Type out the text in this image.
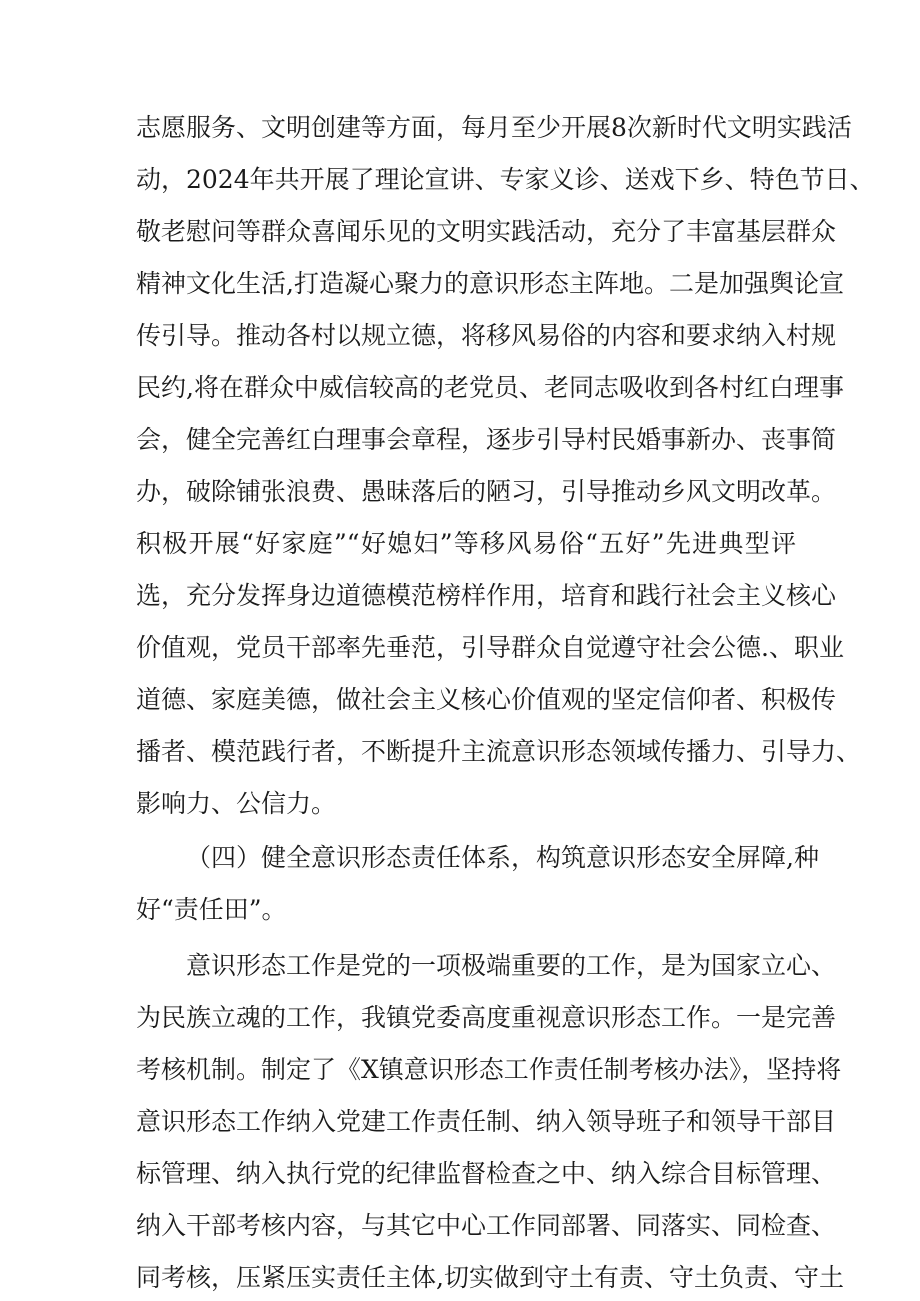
志愿服务、文明创建等方面，每月至少开展8次新时代文明实践活
动，2024年共开展了理论宣讲、专家义诊、送戏下乡、特色节日、
敬老慰问等群众喜闻乐见的文明实践活动，充分了丰富基层群众
精神文化生活,打造凝心聚力的意识形态主阵地。二是加强舆论宣
传引导。推动各村以规立德，将移风易俗的内容和要求纳入村规
民约,将在群众中威信较高的老党员、老同志吸收到各村红白理事
会，健全完善红白理事会章程，逐步引导村民婚事新办、丧事简
办，破除铺张浪费、愚昧落后的陋习，引导推动乡风文明改革。
积极开展“好家庭”“好媳妇”等移风易俗“五好”先进典型评
选，充分发挥身边道德模范榜样作用，培育和践行社会主义核心
价值观，党员干部率先垂范，引导群众自觉遵守社会公德.、职业
道德、家庭美德，做社会主义核心价值观的坚定信仰者、积极传
播者、模范践行者，不断提升主流意识形态领域传播力、引导力、
影响力、公信力。
（四）健全意识形态责任体系，构筑意识形态安全屏障,种
好“责任田”。
意识形态工作是党的一项极端重要的工作，是为国家立心、
为民族立魂的工作，我镇党委高度重视意识形态工作。一是完善
考核机制。制定了《X镇意识形态工作责任制考核办法》，坚持将
意识形态工作纳入党建工作责任制、纳入领导班子和领导干部目
标管理、纳入执行党的纪律监督检查之中、纳入综合目标管理、
纳入干部考核内容，与其它中心工作同部署、同落实、同检查、
同考核，压紧压实责任主体,切实做到守土有责、守土负责、守土
